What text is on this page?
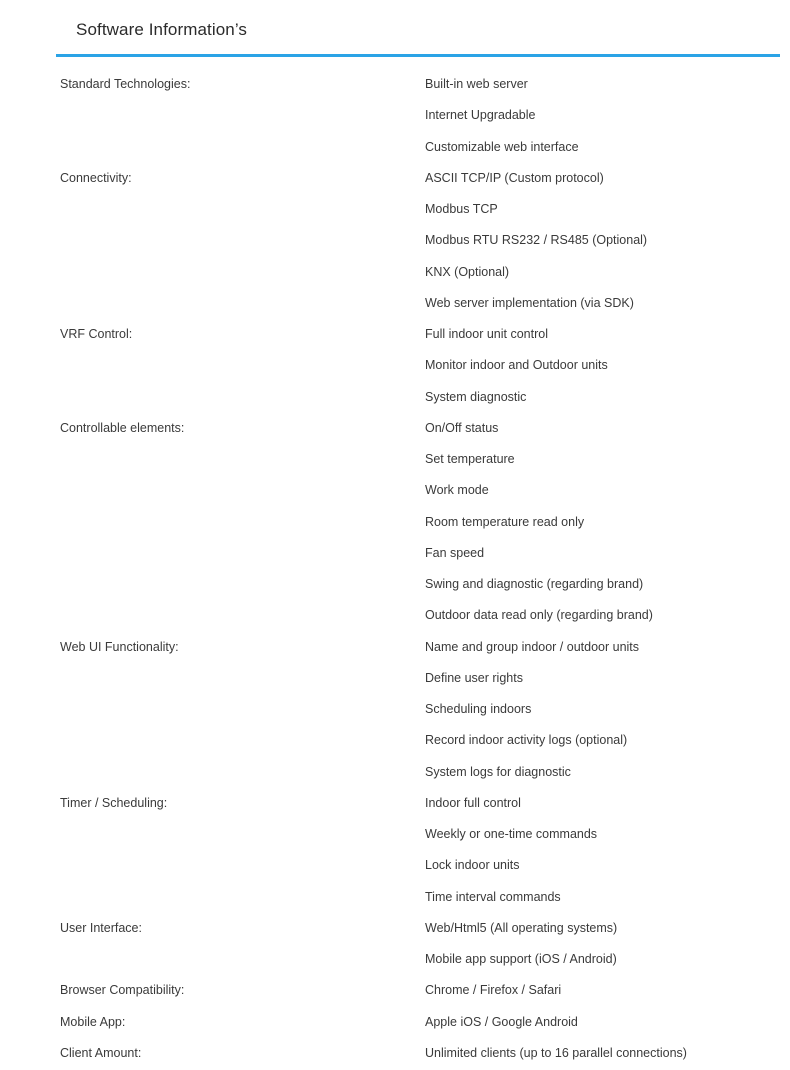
Software Information’s
Standard Technologies:	Built-in web server
Internet Upgradable
Customizable web interface
Connectivity:	ASCII TCP/IP (Custom protocol)
Modbus TCP
Modbus RTU RS232 / RS485 (Optional)
KNX (Optional)
Web server implementation (via SDK)
VRF Control:	Full indoor unit control
Monitor indoor and Outdoor units
System diagnostic
Controllable elements:	On/Off status
Set temperature
Work mode
Room temperature read only
Fan speed
Swing and diagnostic (regarding brand)
Outdoor data read only (regarding brand)
Web UI Functionality:	Name and group indoor / outdoor units
Define user rights
Scheduling indoors
Record indoor activity logs (optional)
System logs for diagnostic
Timer / Scheduling:	Indoor full control
Weekly or one-time commands
Lock indoor units
Time interval commands
User Interface:	Web/Html5 (All operating systems)
Mobile app support (iOS / Android)
Browser Compatibility:	Chrome / Firefox / Safari
Mobile App:	Apple iOS / Google Android
Client Amount:	Unlimited clients (up to 16 parallel connections)
